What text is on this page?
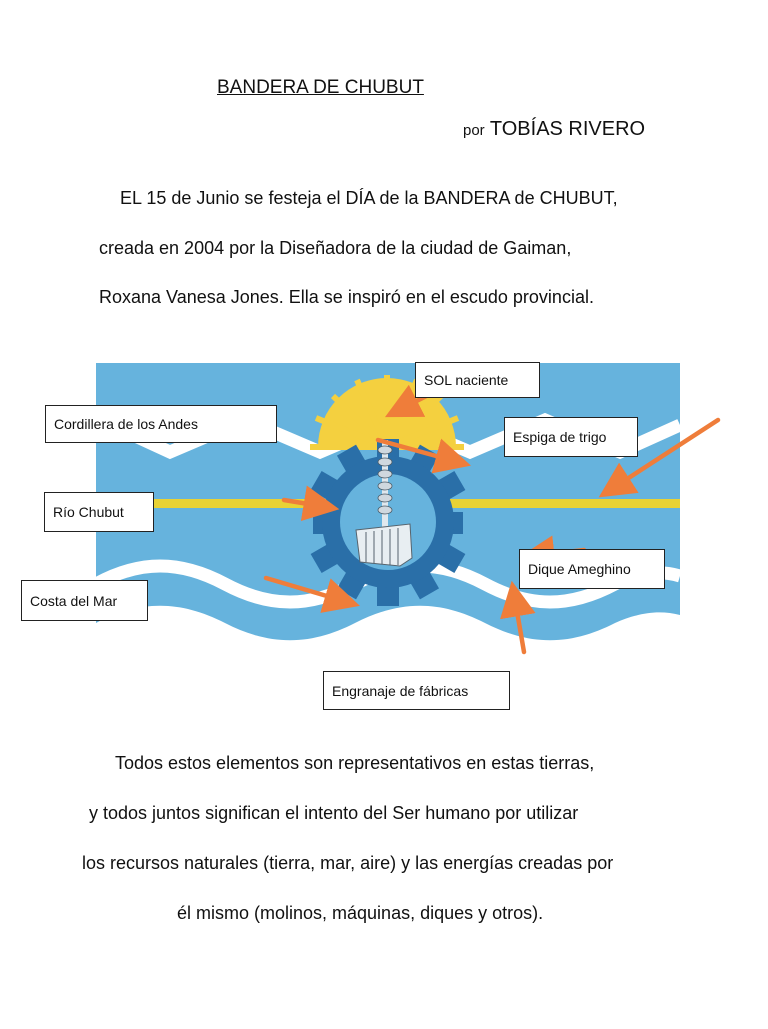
BANDERA DE CHUBUT
por TOBÍAS RIVERO
EL 15 de Junio se festeja el DÍA de la BANDERA de CHUBUT,
creada en 2004 por la Diseñadora de la ciudad de Gaiman,
Roxana Vanesa Jones. Ella se inspiró en el escudo provincial.
SOL naciente
Cordillera de los Andes
Espiga de trigo
Río Chubut
Dique Ameghino
Costa del Mar
Engranaje de fábricas
Todos estos elementos son representativos en estas tierras,
y todos juntos significan el intento del Ser humano por utilizar
los recursos naturales (tierra, mar, aire) y las energías creadas por
él mismo (molinos, máquinas, diques y otros).
